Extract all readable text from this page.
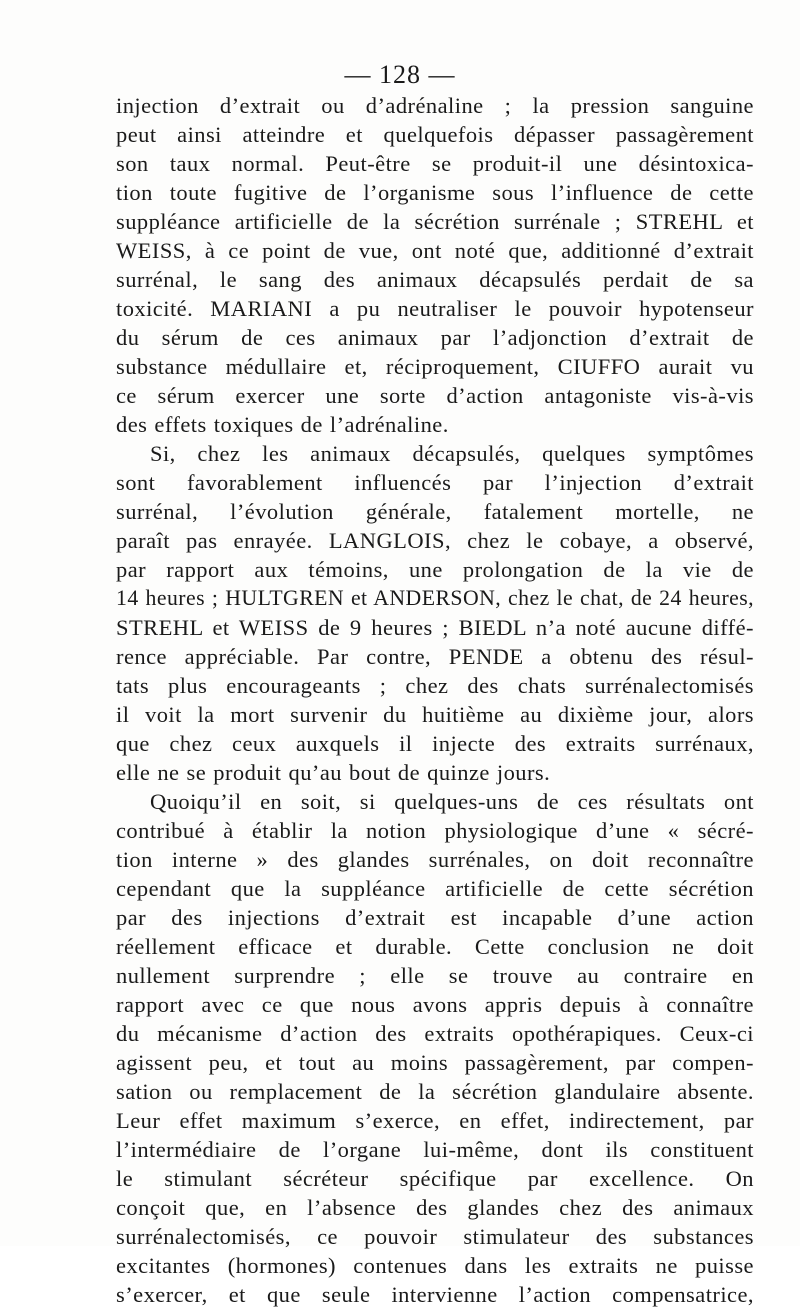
— 128 —
injection d’extrait ou d’adrénaline ; la pression sanguine
peut ainsi atteindre et quelquefois dépasser passagèrement
son taux normal. Peut-être se produit-il une désintoxica-
tion toute fugitive de l’organisme sous l’influence de cette
suppléance artificielle de la sécrétion surrénale ; STREHL et
WEISS, à ce point de vue, ont noté que, additionné d’extrait
surrénal, le sang des animaux décapsulés perdait de sa
toxicité. MARIANI a pu neutraliser le pouvoir hypotenseur
du sérum de ces animaux par l’adjonction d’extrait de
substance médullaire et, réciproquement, CIUFFO aurait vu
ce sérum exercer une sorte d’action antagoniste vis-à-vis
des effets toxiques de l’adrénaline.
Si, chez les animaux décapsulés, quelques symptômes
sont favorablement influencés par l’injection d’extrait
surrénal, l’évolution générale, fatalement mortelle, ne
paraît pas enrayée. LANGLOIS, chez le cobaye, a observé,
par rapport aux témoins, une prolongation de la vie de
14 heures ; HULTGREN et ANDERSON, chez le chat, de 24 heures,
STREHL et WEISS de 9 heures ; BIEDL n’a noté aucune diffé-
rence appréciable. Par contre, PENDE a obtenu des résul-
tats plus encourageants ; chez des chats surrénalectomisés
il voit la mort survenir du huitième au dixième jour, alors
que chez ceux auxquels il injecte des extraits surrénaux,
elle ne se produit qu’au bout de quinze jours.
Quoiqu’il en soit, si quelques-uns de ces résultats ont
contribué à établir la notion physiologique d’une « sécré-
tion interne » des glandes surrénales, on doit reconnaître
cependant que la suppléance artificielle de cette sécrétion
par des injections d’extrait est incapable d’une action
réellement efficace et durable. Cette conclusion ne doit
nullement surprendre ; elle se trouve au contraire en
rapport avec ce que nous avons appris depuis à connaître
du mécanisme d’action des extraits opothérapiques. Ceux-ci
agissent peu, et tout au moins passagèrement, par compen-
sation ou remplacement de la sécrétion glandulaire absente.
Leur effet maximum s’exerce, en effet, indirectement, par
l’intermédiaire de l’organe lui-même, dont ils constituent
le stimulant sécréteur spécifique par excellence. On
conçoit que, en l’absence des glandes chez des animaux
surrénalectomisés, ce pouvoir stimulateur des substances
excitantes (hormones) contenues dans les extraits ne puisse
s’exercer, et que seule intervienne l’action compensatrice,
